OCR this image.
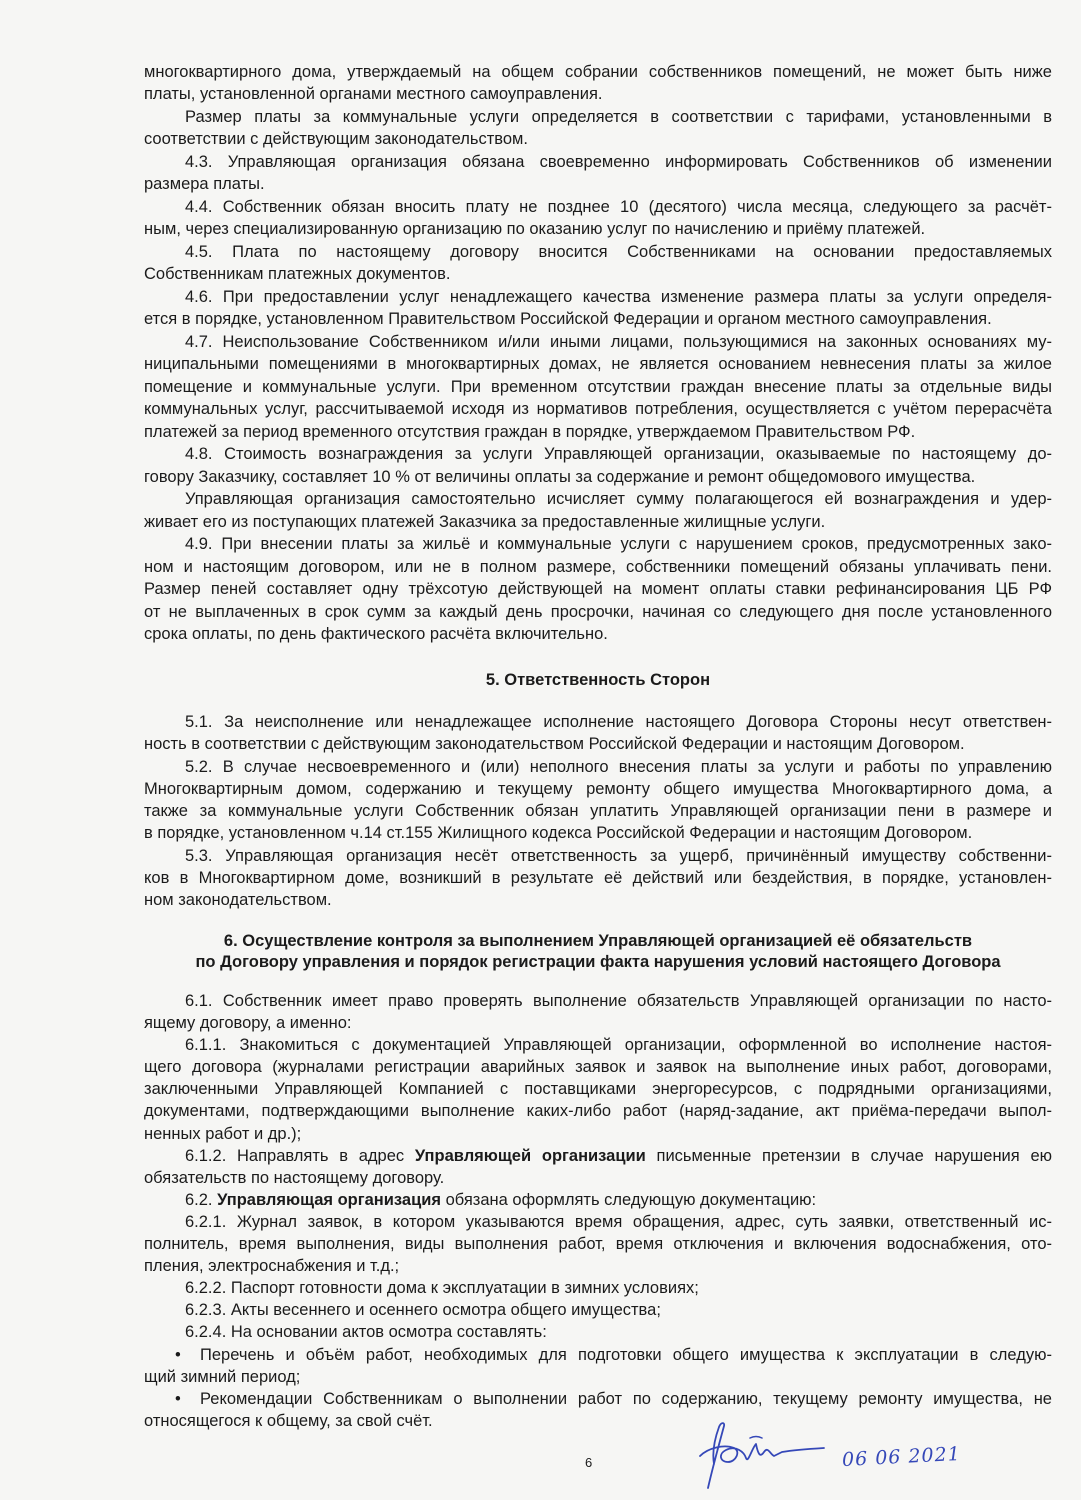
многоквартирного дома, утверждаемый на общем собрании собственников помещений, не может быть ниже
платы, установленной органами местного самоуправления.
Размер платы за коммунальные услуги определяется в соответствии с тарифами, установленными в
соответствии с действующим законодательством.
4.3. Управляющая организация обязана своевременно информировать Собственников об изменении
размера платы.
4.4. Собственник обязан вносить плату не позднее 10 (десятого) числа месяца, следующего за расчёт-
ным, через специализированную организацию по оказанию услуг по начислению и приёму платежей.
4.5. Плата по настоящему договору вносится Собственниками на основании предоставляемых
Собственникам платежных документов.
4.6. При предоставлении услуг ненадлежащего качества изменение размера платы за услуги определя-
ется в порядке, установленном Правительством Российской Федерации и органом местного самоуправления.
4.7. Неиспользование Собственником и/или иными лицами, пользующимися на законных основаниях му-
ниципальными помещениями в многоквартирных домах, не является основанием невнесения платы за жилое
помещение и коммунальные услуги. При временном отсутствии граждан внесение платы за отдельные виды
коммунальных услуг, рассчитываемой исходя из нормативов потребления, осуществляется с учётом перерасчёта
платежей за период временного отсутствия граждан в порядке, утверждаемом Правительством РФ.
4.8. Стоимость вознаграждения за услуги Управляющей организации, оказываемые по настоящему до-
говору Заказчику, составляет 10 % от величины оплаты за содержание и ремонт общедомового имущества.
Управляющая организация самостоятельно исчисляет сумму полагающегося ей вознаграждения и удер-
живает его из поступающих платежей Заказчика за предоставленные жилищные услуги.
4.9. При внесении платы за жильё и коммунальные услуги с нарушением сроков, предусмотренных зако-
ном и настоящим договором, или не в полном размере, собственники помещений обязаны уплачивать пени.
Размер пеней составляет одну трёхсотую действующей на момент оплаты ставки рефинансирования ЦБ РФ
от не выплаченных в срок сумм за каждый день просрочки, начиная со следующего дня после установленного
срока оплаты, по день фактического расчёта включительно.
5. Ответственность Сторон
5.1. За неисполнение или ненадлежащее исполнение настоящего Договора Стороны несут ответствен-
ность в соответствии с действующим законодательством Российской Федерации и настоящим Договором.
5.2. В случае несвоевременного и (или) неполного внесения платы за услуги и работы по управлению
Многоквартирным домом, содержанию и текущему ремонту общего имущества Многоквартирного дома, а
также за коммунальные услуги Собственник обязан уплатить Управляющей организации пени в размере и
в порядке, установленном ч.14 ст.155 Жилищного кодекса Российской Федерации и настоящим Договором.
5.3. Управляющая организация несёт ответственность за ущерб, причинённый имуществу собственни-
ков в Многоквартирном доме, возникший в результате её действий или бездействия, в порядке, установлен-
ном законодательством.
6. Осуществление контроля за выполнением Управляющей организацией её обязательств
по Договору управления и порядок регистрации факта нарушения условий настоящего Договора
6.1. Собственник имеет право проверять выполнение обязательств Управляющей организации по насто-
ящему договору, а именно:
6.1.1. Знакомиться с документацией Управляющей организации, оформленной во исполнение настоя-
щего договора (журналами регистрации аварийных заявок и заявок на выполнение иных работ, договорами,
заключенными Управляющей Компанией с поставщиками энергоресурсов, с подрядными организациями,
документами, подтверждающими выполнение каких-либо работ (наряд-задание, акт приёма-передачи выпол-
ненных работ и др.);
6.1.2. Направлять в адрес Управляющей организации письменные претензии в случае нарушения ею
обязательств по настоящему договору.
6.2. Управляющая организация обязана оформлять следующую документацию:
6.2.1. Журнал заявок, в котором указываются время обращения, адрес, суть заявки, ответственный ис-
полнитель, время выполнения, виды выполнения работ, время отключения и включения водоснабжения, ото-
пления, электроснабжения и т.д.;
6.2.2. Паспорт готовности дома к эксплуатации в зимних условиях;
6.2.3. Акты весеннего и осеннего осмотра общего имущества;
6.2.4. На основании актов осмотра составлять:
• Перечень и объём работ, необходимых для подготовки общего имущества к эксплуатации в следую-
щий зимний период;
• Рекомендации Собственникам о выполнении работ по содержанию, текущему ремонту имущества, не
относящегося к общему, за свой счёт.
6	06 06 2021
